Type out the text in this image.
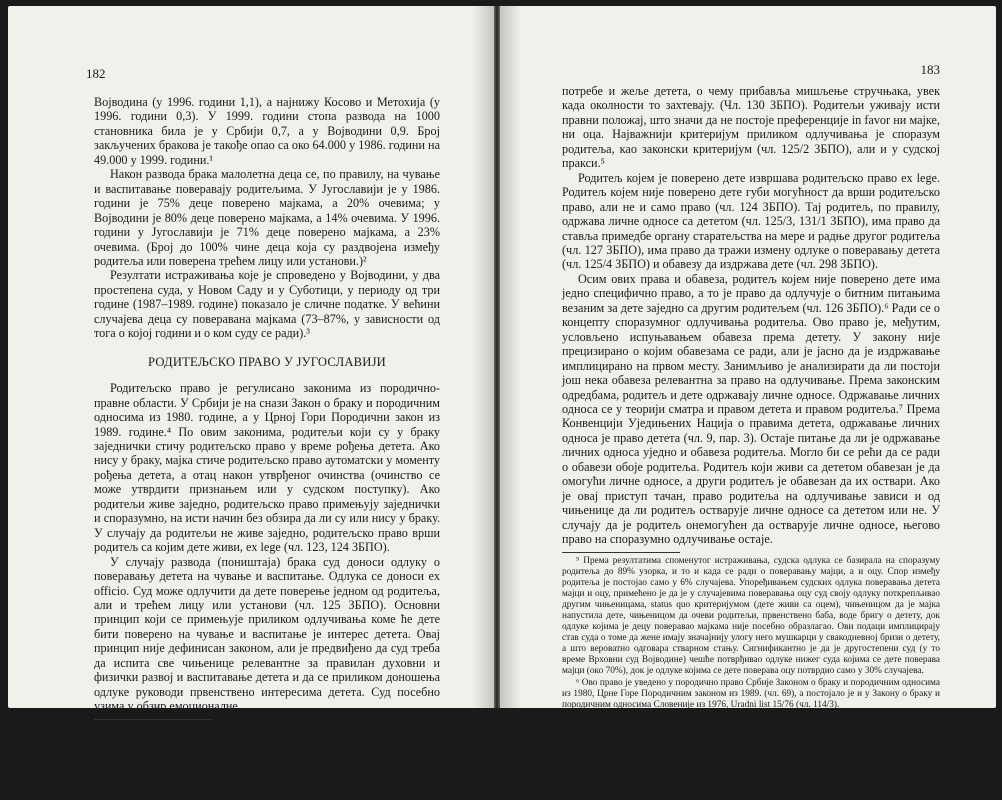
182

Војводина (у 1996. години 1,1), а најнижу Косово и Метохија (у 1996. години 0,3). У 1999. години стопа развода на 1000 становника била је у Србији 0,7, а у Војводини 0,9. Број закључених бракова је такође опао са око 64.000 у 1986. години на 49.000 у 1999. години.¹

Након развода брака малолетна деца се, по правилу, на чување и васпитавање поверавају родитељима. У Југославији је у 1986. години је 75% деце поверено мајкама, а 20% очевима; у Војводини је 80% деце поверено мајкама, а 14% очевима. У 1996. години у Југославији је 71% деце поверено мајкама, а 23% очевима. (Број до 100% чине деца која су раздвојена између родитеља или поверена трећем лицу или установи.)²

Резултати истраживања које је спроведено у Војводини, у два простепена суда, у Новом Саду и у Суботици, у периоду од три године (1987–1989. године) показало је сличне податке. У већини случајева деца су поверавана мајкама (73–87%, у зависности од тога о којој години и о ком суду се ради).³

РОДИТЕЉСКО ПРАВО У ЈУГОСЛАВИЈИ

Родитељско право је регулисано законима из породично-правне области. У Србији је на снази Закон о браку и породичним односима из 1980. године, а у Црној Гори Породични закон из 1989. године.⁴ По овим законима, родитељи који су у браку заједнички стичу родитељско право у време рођења детета. Ако нису у браку, мајка стиче родитељско право аутоматски у моменту рођења детета, а отац након утврђеног очинства (очинство се може утврдити признањем или у судском поступку). Ако родитељи живе заједно, родитељско право примењују заједнички и споразумно, на исти начин без обзира да ли су или нису у браку. У случају да родитељи не живе заједно, родитељско право врши родитељ са којим дете живи, ex lege (чл. 123, 124 ЗБПО).

У случају развода (поништаја) брака суд доноси одлуку о поверавању детета на чување и васпитање. Одлука се доноси ex officio. Суд може одлучити да дете поверење једном од родитеља, али и трећем лицу или установи (чл. 125 ЗБПО). Основни принцип који се примењује приликом одлучивања коме ће дете бити поверено на чување и васпитање је интерес детета. Овај принцип није дефинисан законом, али је предвиђено да суд треба да испита све чињенице релевантне за правилан духовни и физички развој и васпитавање детета и да се приликом доношења одлуке руководи првенствено интересима детета. Суд посебно узима у обзир емоционалне

¹ Статистички годишњак Југославије за 1998. годину и Саопштење Републичког завода за статистику Србије, бр. 269, год. L, 21.12.2000.

² Ibidem.

³ О томе више у: Гордана Ковачек Станић, Правни израз родитељства, Правни факултет – Центар за издавачку делатност, Нови Сад, 1994.

⁴ Службени гласник Србије 22/80, 22/93, 35/94, 29/2001 у даљем тексту ЗБПО; односно Службени лист Црне Горе 7/89.

183

потребе и жеље детета, о чему прибавља мишљење стручњака, увек када околности то захтевају. (Чл. 130 ЗБПО). Родитељи уживају исти правни положај, што значи да не постоје преференције in favor ни мајке, ни оца. Најважнији критеријум приликом одлучивања је споразум родитеља, као законски критеријум (чл. 125/2 ЗБПО), али и у судској пракси.⁵

Родитељ којем је поверено дете извршава родитељско право ex lege. Родитељ којем није поверено дете губи могућност да врши родитељско право, али не и само право (чл. 124 ЗБПО). Тај родитељ, по правилу, одржава личне односе са дететом (чл. 125/3, 131/1 ЗБПО), има право да ставља примедбе органу старатељства на мере и радње другог родитеља (чл. 127 ЗБПО), има право да тражи измену одлуке о поверавању детета (чл. 125/4 ЗБПО) и обавезу да издржава дете (чл. 298 ЗБПО).

Осим ових права и обавеза, родитељ којем није поверено дете има једно специфично право, а то је право да одлучује о битним питањима везаним за дете заједно са другим родитељем (чл. 126 ЗБПО).⁶ Ради се о концепту споразумног одлучивања родитеља. Ово право је, међутим, условљено испуњавањем обавеза према детету. У закону није прецизирано о којим обавезама се ради, али је јасно да је издржавање имплицирано на првом месту. Занимљиво је анализирати да ли постоји још нека обавеза релевантна за право на одлучивање. Према законским одредбама, родитељ и дете одржавају личне односе. Одржавање личних односа се у теорији сматра и правом детета и правом родитеља.⁷ Према Конвенцији Уједињених Нација о правима детета, одржавање личних односа је право детета (чл. 9, пар. 3). Остаје питање да ли је одржавање личних односа уједно и обавеза родитеља. Могло би се рећи да се ради о обавези обоје родитеља. Родитељ који живи са дететом обавезан је да омогући личне односе, а други родитељ је обавезан да их оствари. Ако је овај приступ тачан, право родитеља на одлучивање зависи и од чињенице да ли родитељ остварује личне односе са дететом или не. У случају да је родитељ онемогућен да остварује личне односе, његово право на споразумно одлучивање остаје.

⁵ Према резултатима споменутог истраживања, судска одлука се базирала на споразуму родитеља до 89% узорка, и то и када се ради о поверавању мајци, а и оцу. Спор између родитеља је постојао само у 6% случајева. Упоређивањем судских одлука поверавања детета мајци и оцу, примећено је да је у случајевима поверавања оцу суд своју одлуку поткрепљивао другим чињеницама, status quo критеријумом (дете живи са оцем), чињеницом да је мајка напустила дете, чињеницом да очеви родитељи, првенствено баба, воде бригу о детету, док одлуке којима је децу поверавао мајкама није посебно образлагао. Ови подаци имплицирају став суда о томе да жене имају значајнију улогу него мушкарци у свакодневној бризи о детету, а што вероватно одговара стварном стању. Сигнификантно је да је другостепени суд (у то време Врховни суд Војводине) чешће потврђивао одлуке нижег суда којима се дете поверава мајци (око 70%), док је одлуке којима се дете поверава оцу потврдио само у 30% случајева.

⁶ Ово право је уведено у породично право Србије Законом о браку и породичним односима из 1980, Црне Горе Породичним законом из 1989. (чл. 69), а постојало је и у Закону о браку и породичним односима Словеније из 1976, Uradni list 15/76 (чл. 114/3).

⁷ Олга Цвејић Јанчић, Породично право II – Родитељско и старатељско право, 1998, стр. 62; Марија Драшкић, Породично право, 1998, стр. 272, Комар, Кораћ, Пољавић, Породично право, 1996, стр. 179.
